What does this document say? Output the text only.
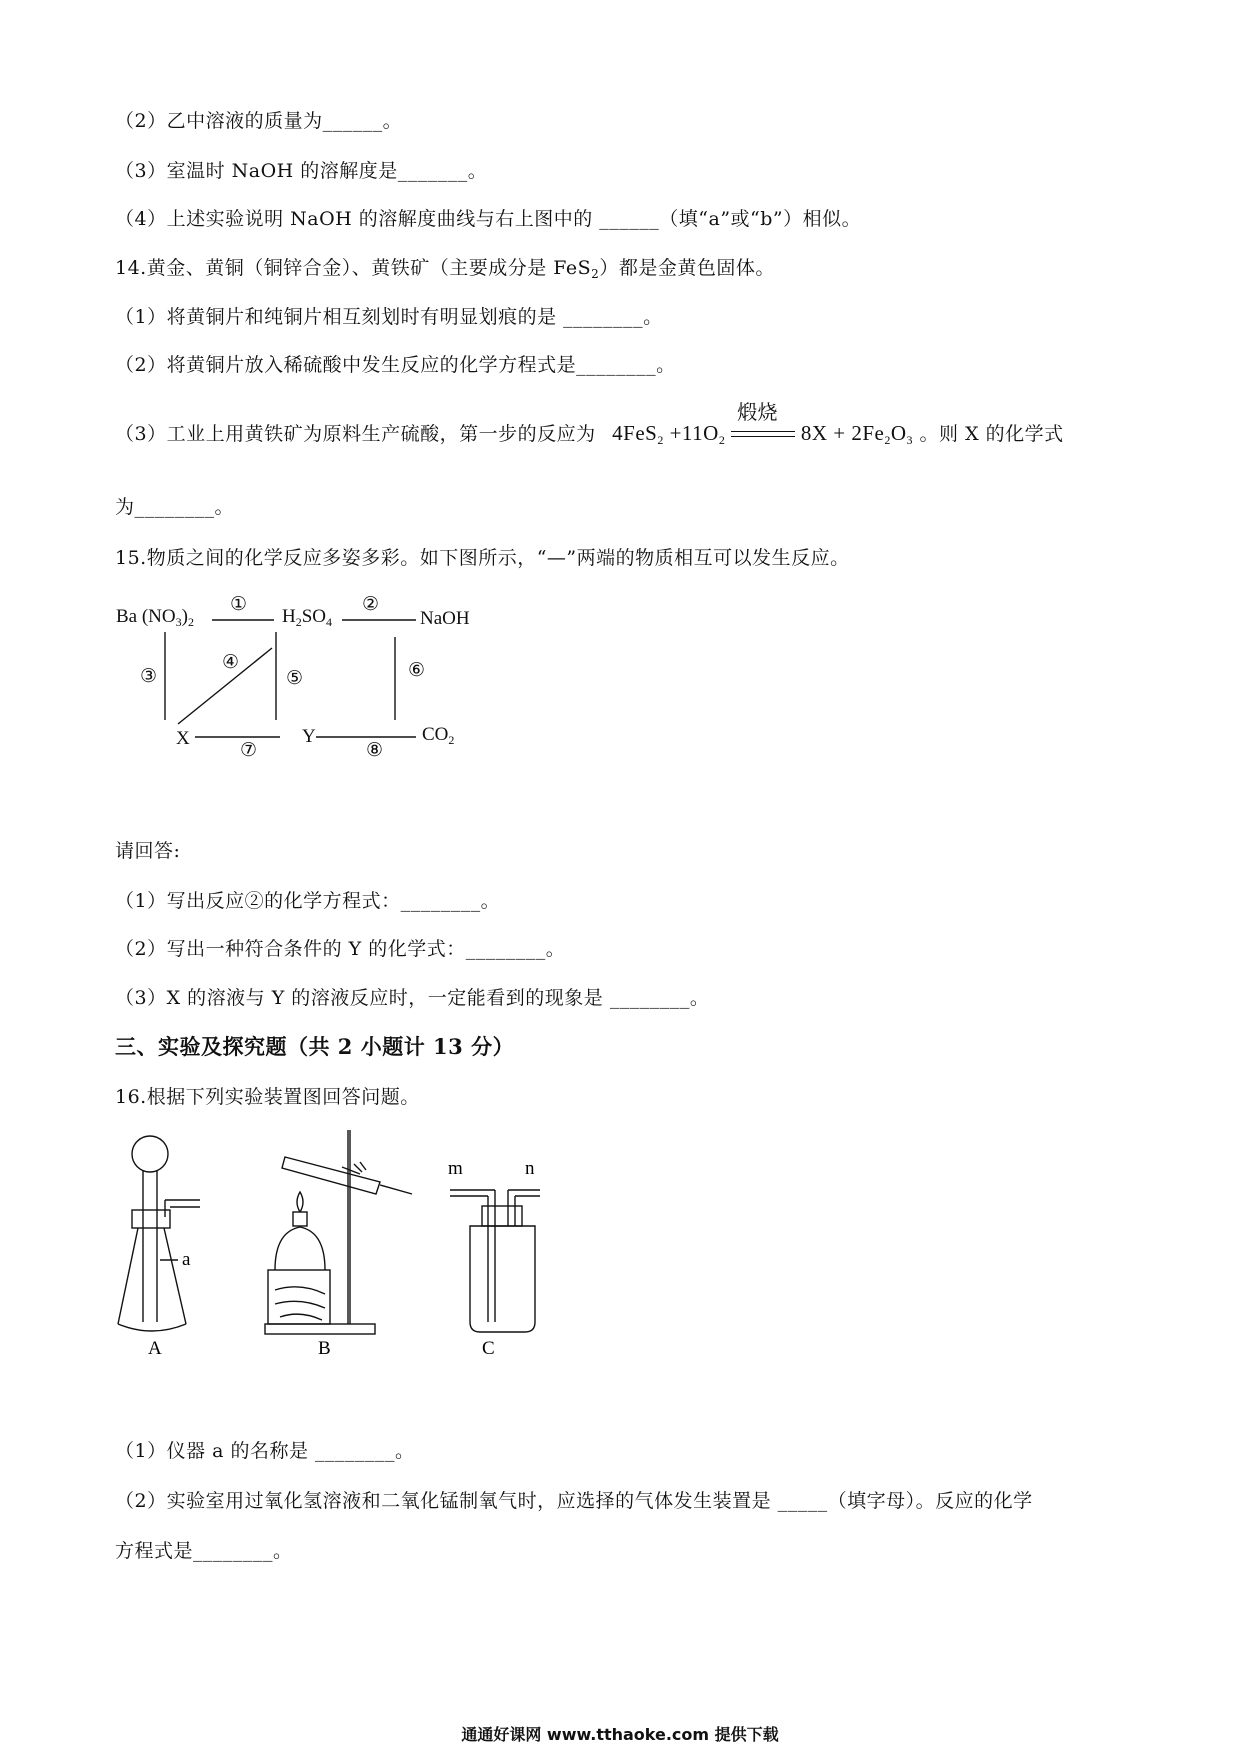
（2）乙中溶液的质量为______。
（3）室温时 NaOH 的溶解度是_______。
（4）上述实验说明 NaOH 的溶解度曲线与右上图中的 ______（填“a”或“b”）相似。
14.黄金、黄铜（铜锌合金）、黄铁矿（主要成分是 FeS$_2$）都是金黄色固体。
（1）将黄铜片和纯铜片相互刻划时有明显划痕的是 ________。
（2）将黄铜片放入稀硫酸中发生反应的化学方程式是________。
（3）工业上用黄铁矿为原料生产硫酸，第一步的反应为 $4FeS_2 +11O_2$
煅烧
$8X + 2Fe_2O_3$ 。则 X 的化学式
为________。
15.物质之间的化学反应多姿多彩。如下图所示，“—”两端的物质相互可以发生反应。
Ba $(NO_3)_2$	$H_2SO_4$	NaOH
X	Y	$CO_2$
①	②
③
④
⑤	⑥
⑦	⑧
请回答:
（1）写出反应②的化学方程式：________。
（2）写出一种符合条件的 Y 的化学式：________。
（3）X 的溶液与 Y 的溶液反应时，一定能看到的现象是 ________。
三、实验及探究题（共 2 小题计 13 分）
16.根据下列实验装置图回答问题。
a
A	B
m	n
C
（1）仪器 a 的名称是 ________。
（2）实验室用过氧化氢溶液和二氧化锰制氧气时，应选择的气体发生装置是 _____（填字母）。反应的化学
方程式是________。
通通好课网 www.tthaoke.com 提供下载
